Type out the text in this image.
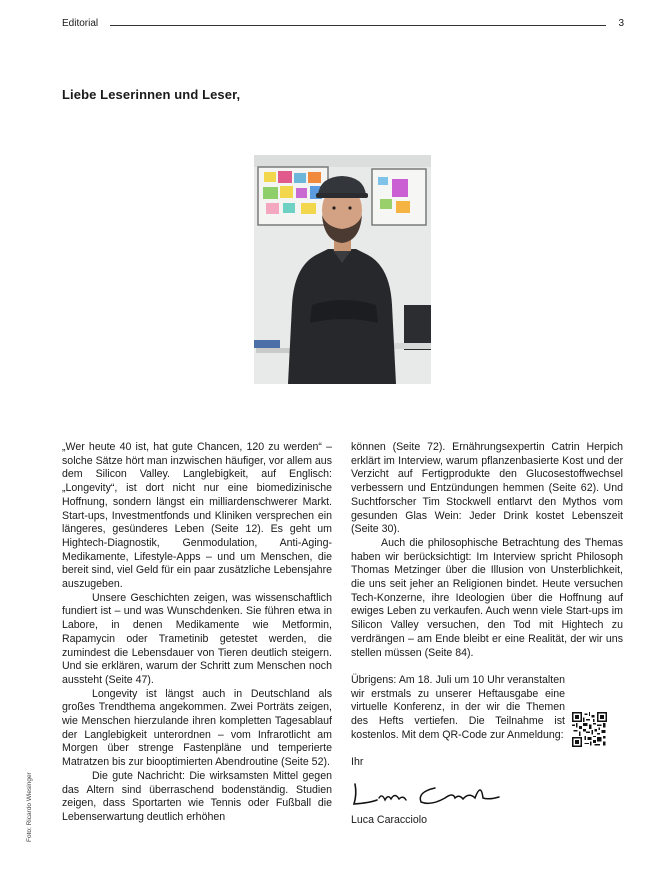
Editorial	3
Liebe Leserinnen und Leser,
Foto: Ricardo Wiesinger

„Wer heute 40 ist, hat gute Chancen, 120 zu werden“ – solche Sätze hört man inzwischen häufiger, vor allem aus dem Silicon Valley. Langlebigkeit, auf Englisch: „Longevity“, ist dort nicht nur eine biomedizinische Hoffnung, sondern längst ein milliardenschwerer Markt. Start-ups, Investmentfonds und Kliniken versprechen ein längeres, gesünderes Leben (Seite 12). Es geht um Hightech-Diagnostik, Genmodulation, Anti-Aging-Medikamente, Lifestyle-Apps – und um Menschen, die bereit sind, viel Geld für ein paar zusätzliche Lebensjahre auszugeben.

Unsere Geschichten zeigen, was wissenschaftlich fundiert ist – und was Wunschdenken. Sie führen etwa in Labore, in denen Medikamente wie Metformin, Rapamycin oder Trametinib getestet werden, die zumindest die Lebensdauer von Tieren deutlich steigern. Und sie erklären, warum der Schritt zum Menschen noch aussteht (Seite 47).

Longevity ist längst auch in Deutschland als großes Trendthema angekommen. Zwei Porträts zeigen, wie Menschen hierzulande ihren kompletten Tagesablauf der Langlebigkeit unterordnen – vom Infrarotlicht am Morgen über strenge Fastenpläne und temperierte Matratzen bis zur biooptimierten Abendroutine (Seite 52).

Die gute Nachricht: Die wirksamsten Mittel gegen das Altern sind überraschend bodenständig. Studien zeigen, dass Sportarten wie Tennis oder Fußball die Lebenserwartung deutlich erhöhen

können (Seite 72). Ernährungsexpertin Catrin Herpich erklärt im Interview, warum pflanzenbasierte Kost und der Verzicht auf Fertigprodukte den Glucosestoffwechsel verbessern und Entzündungen hemmen (Seite 62). Und Suchtforscher Tim Stockwell entlarvt den Mythos vom gesunden Glas Wein: Jeder Drink kostet Lebenszeit (Seite 30).

Auch die philosophische Betrachtung des Themas haben wir berücksichtigt: Im Interview spricht Philosoph Thomas Metzinger über die Illusion von Unsterblichkeit, die uns seit jeher an Religionen bindet. Heute versuchen Tech-Konzerne, ihre Ideologien über die Hoffnung auf ewiges Leben zu verkaufen. Auch wenn viele Start-ups im Silicon Valley versuchen, den Tod mit Hightech zu verdrängen – am Ende bleibt er eine Realität, der wir uns stellen müssen (Seite 84).

Übrigens: Am 18. Juli um 10 Uhr veranstalten wir erstmals zu unserer Heftausgabe eine virtuelle Konferenz, in der wir die Themen des Hefts vertiefen. Die Teilnahme ist kostenlos. Mit dem QR-Code zur Anmeldung:

Ihr

Luca Caracciolo
